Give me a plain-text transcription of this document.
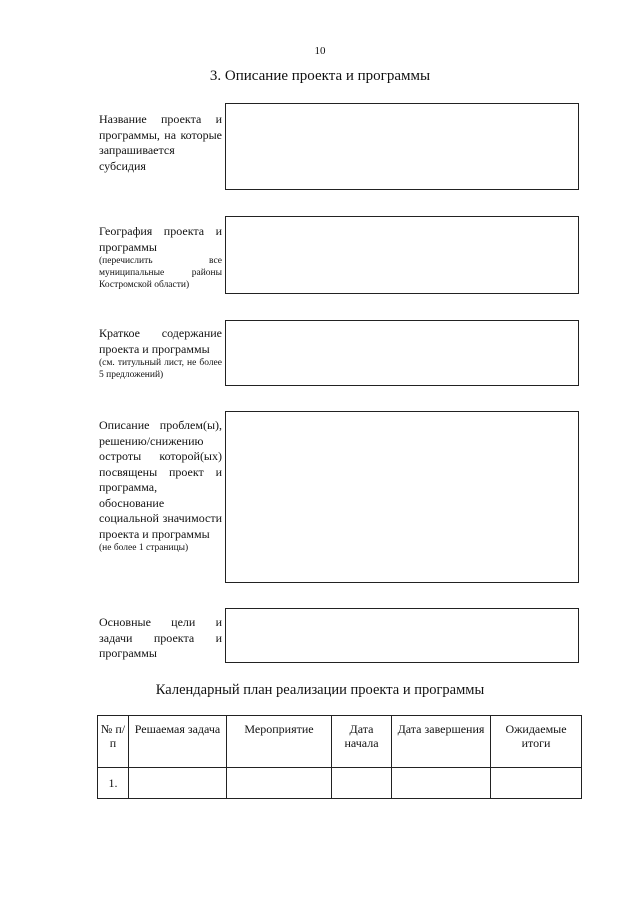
10
3. Описание проекта и программы
Название проекта и программы, на которые запрашивается субсидия
География проекта и программы
(перечислить все муниципальные районы Костромской области)
Краткое содержание проекта и программы
(см. титульный лист, не более 5 предложений)
Описание проблем(ы), решению/снижению остроты которой(ых) посвящены проект и программа, обоснование социальной значимости проекта и программы
(не более 1 страницы)
Основные цели и задачи проекта и программы
Календарный план реализации проекта и программы
№ п/п	Решаемая задача	Мероприятие	Дата начала	Дата завершения	Ожидаемые итоги
1.					
